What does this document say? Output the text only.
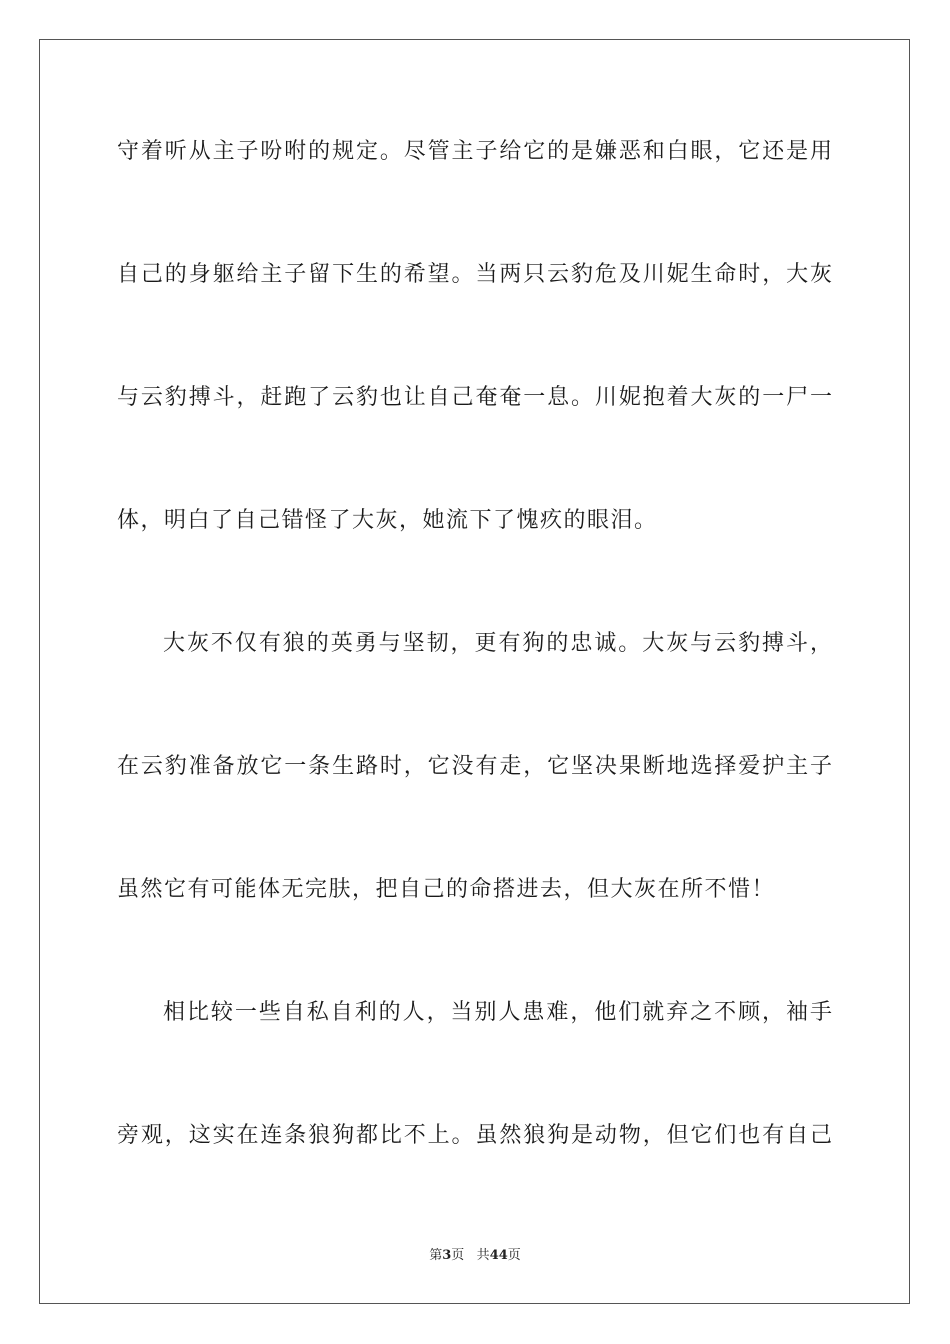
守着听从主子吩咐的规定。尽管主子给它的是嫌恶和白眼，它还是用
自己的身躯给主子留下生的希望。当两只云豹危及川妮生命时，大灰
与云豹搏斗，赶跑了云豹也让自己奄奄一息。川妮抱着大灰的一尸一
体，明白了自己错怪了大灰，她流下了愧疚的眼泪。
大灰不仅有狼的英勇与坚韧，更有狗的忠诚。大灰与云豹搏斗，
在云豹准备放它一条生路时，它没有走，它坚决果断地选择爱护主子
虽然它有可能体无完肤，把自己的命搭进去，但大灰在所不惜！
相比较一些自私自利的人，当别人患难，他们就弃之不顾，袖手
旁观，这实在连条狼狗都比不上。虽然狼狗是动物，但它们也有自己
第3页 共44页
